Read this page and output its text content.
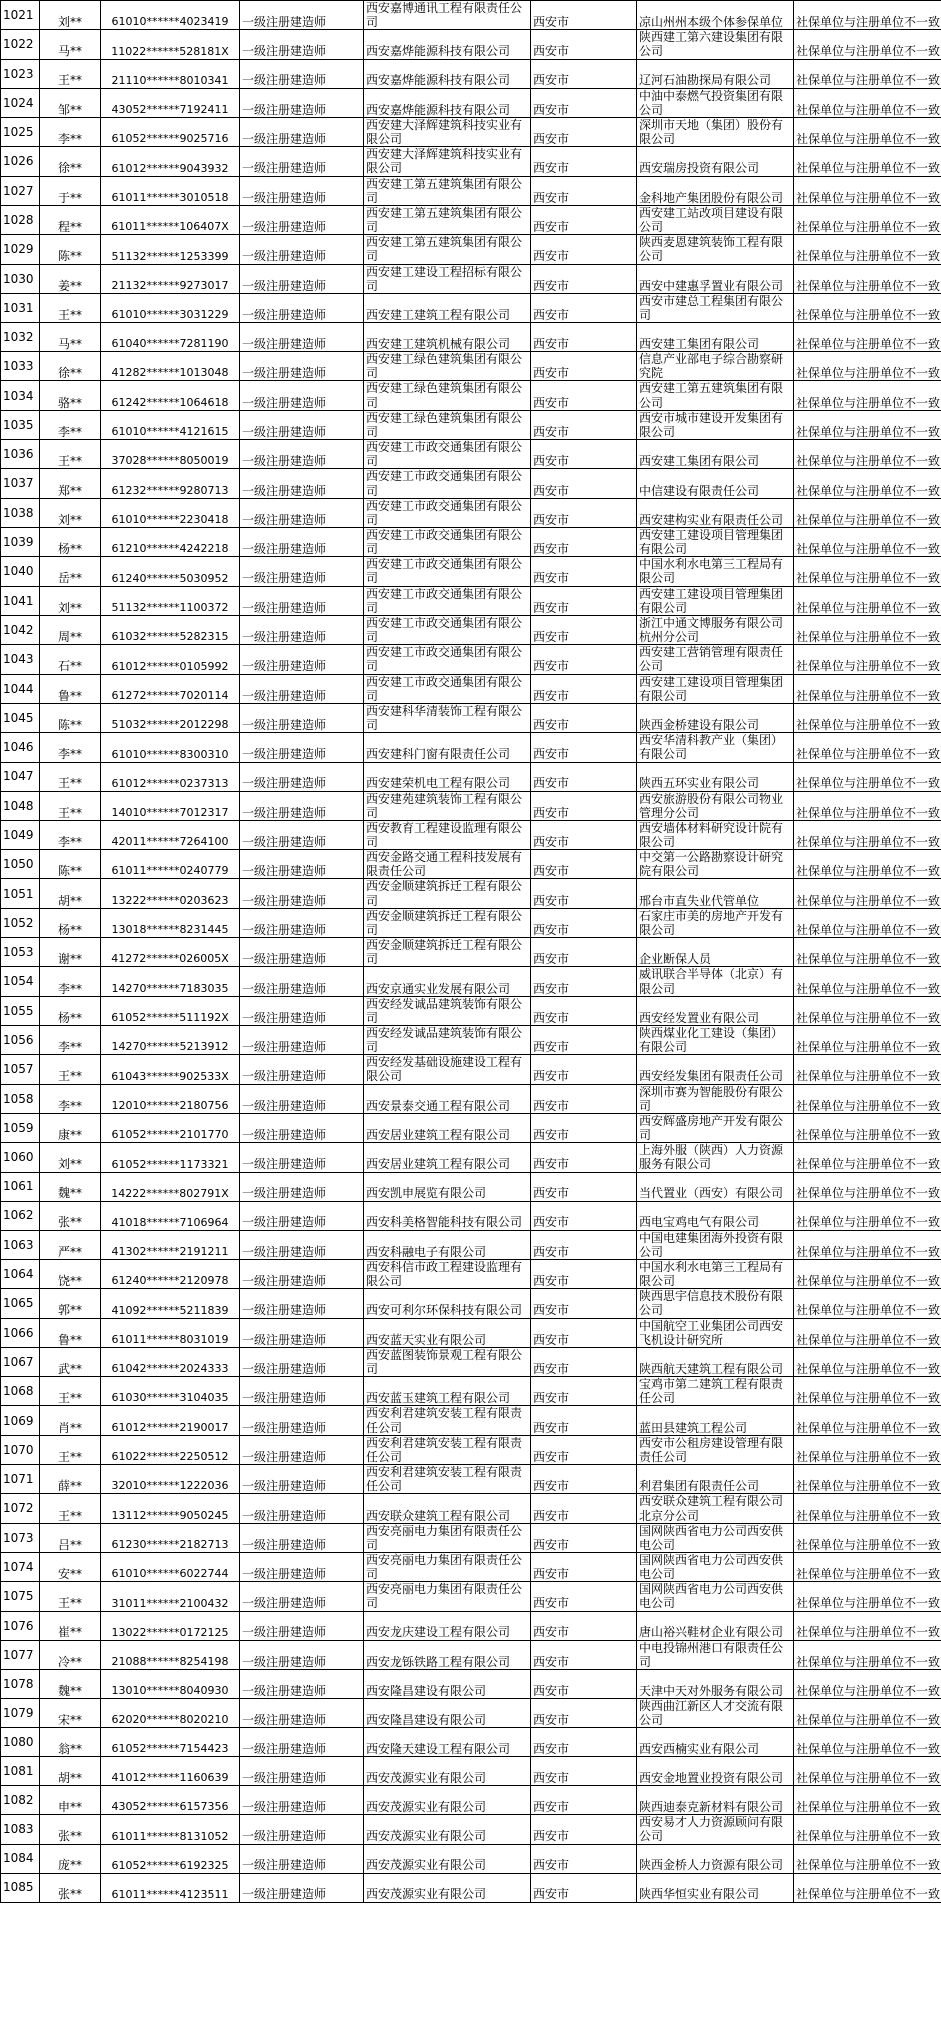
1021	刘**	61010******4023419	一级注册建造师	西安嘉博通讯工程有限责任公司	西安市	凉山州州本级个体参保单位	社保单位与注册单位不一致
1022	马**	11022******528181X	一级注册建造师	西安嘉烨能源科技有限公司	西安市	陕西建工第六建设集团有限公司	社保单位与注册单位不一致
1023	王**	21110******8010341	一级注册建造师	西安嘉烨能源科技有限公司	西安市	辽河石油勘探局有限公司	社保单位与注册单位不一致
1024	邹**	43052******7192411	一级注册建造师	西安嘉烨能源科技有限公司	西安市	中油中泰燃气投资集团有限公司	社保单位与注册单位不一致
1025	李**	61052******9025716	一级注册建造师	西安建大泽辉建筑科技实业有限公司	西安市	深圳市天地（集团）股份有限公司	社保单位与注册单位不一致
1026	徐**	61012******9043932	一级注册建造师	西安建大泽辉建筑科技实业有限公司	西安市	西安瑞房投资有限公司	社保单位与注册单位不一致
1027	于**	61011******3010518	一级注册建造师	西安建工第五建筑集团有限公司	西安市	金科地产集团股份有限公司	社保单位与注册单位不一致
1028	程**	61011******106407X	一级注册建造师	西安建工第五建筑集团有限公司	西安市	西安建工站改项目建设有限公司	社保单位与注册单位不一致
1029	陈**	51132******1253399	一级注册建造师	西安建工第五建筑集团有限公司	西安市	陕西麦恩建筑装饰工程有限公司	社保单位与注册单位不一致
1030	姜**	21132******9273017	一级注册建造师	西安建工建设工程招标有限公司	西安市	西安中建惠孚置业有限公司	社保单位与注册单位不一致
1031	王**	61010******3031229	一级注册建造师	西安建工建筑工程有限公司	西安市	西安市建总工程集团有限公司	社保单位与注册单位不一致
1032	马**	61040******7281190	一级注册建造师	西安建工建筑机械有限公司	西安市	西安建工集团有限公司	社保单位与注册单位不一致
1033	徐**	41282******1013048	一级注册建造师	西安建工绿色建筑集团有限公司	西安市	信息产业部电子综合勘察研究院	社保单位与注册单位不一致
1034	骆**	61242******1064618	一级注册建造师	西安建工绿色建筑集团有限公司	西安市	西安建工第五建筑集团有限公司	社保单位与注册单位不一致
1035	李**	61010******4121615	一级注册建造师	西安建工绿色建筑集团有限公司	西安市	西安市城市建设开发集团有限公司	社保单位与注册单位不一致
1036	王**	37028******8050019	一级注册建造师	西安建工市政交通集团有限公司	西安市	西安建工集团有限公司	社保单位与注册单位不一致
1037	郑**	61232******9280713	一级注册建造师	西安建工市政交通集团有限公司	西安市	中信建设有限责任公司	社保单位与注册单位不一致
1038	刘**	61010******2230418	一级注册建造师	西安建工市政交通集团有限公司	西安市	西安建构实业有限责任公司	社保单位与注册单位不一致
1039	杨**	61210******4242218	一级注册建造师	西安建工市政交通集团有限公司	西安市	西安建工建设项目管理集团有限公司	社保单位与注册单位不一致
1040	岳**	61240******5030952	一级注册建造师	西安建工市政交通集团有限公司	西安市	中国水利水电第三工程局有限公司	社保单位与注册单位不一致
1041	刘**	51132******1100372	一级注册建造师	西安建工市政交通集团有限公司	西安市	西安建工建设项目管理集团有限公司	社保单位与注册单位不一致
1042	周**	61032******5282315	一级注册建造师	西安建工市政交通集团有限公司	西安市	浙江中通文博服务有限公司杭州分公司	社保单位与注册单位不一致
1043	石**	61012******0105992	一级注册建造师	西安建工市政交通集团有限公司	西安市	西安建工营销管理有限责任公司	社保单位与注册单位不一致
1044	鲁**	61272******7020114	一级注册建造师	西安建工市政交通集团有限公司	西安市	西安建工建设项目管理集团有限公司	社保单位与注册单位不一致
1045	陈**	51032******2012298	一级注册建造师	西安建科华清装饰工程有限公司	西安市	陕西金桥建设有限公司	社保单位与注册单位不一致
1046	李**	61010******8300310	一级注册建造师	西安建科门窗有限责任公司	西安市	西安华清科教产业（集团）有限公司	社保单位与注册单位不一致
1047	王**	61012******0237313	一级注册建造师	西安建荣机电工程有限公司	西安市	陕西五环实业有限公司	社保单位与注册单位不一致
1048	王**	14010******7012317	一级注册建造师	西安建苑建筑装饰工程有限公司	西安市	西安旅游股份有限公司物业管理分公司	社保单位与注册单位不一致
1049	李**	42011******7264100	一级注册建造师	西安教育工程建设监理有限公司	西安市	西安墙体材料研究设计院有限公司	社保单位与注册单位不一致
1050	陈**	61011******0240779	一级注册建造师	西安金路交通工程科技发展有限责任公司	西安市	中交第一公路勘察设计研究院有限公司	社保单位与注册单位不一致
1051	胡**	13222******0203623	一级注册建造师	西安金顺建筑拆迁工程有限公司	西安市	邢台市直失业代管单位	社保单位与注册单位不一致
1052	杨**	13018******8231445	一级注册建造师	西安金顺建筑拆迁工程有限公司	西安市	石家庄市美的房地产开发有限公司	社保单位与注册单位不一致
1053	谢**	41272******026005X	一级注册建造师	西安金顺建筑拆迁工程有限公司	西安市	企业断保人员	社保单位与注册单位不一致
1054	李**	14270******7183035	一级注册建造师	西安京通实业发展有限公司	西安市	威讯联合半导体（北京）有限公司	社保单位与注册单位不一致
1055	杨**	61052******511192X	一级注册建造师	西安经发诚品建筑装饰有限公司	西安市	西安经发置业有限公司	社保单位与注册单位不一致
1056	李**	14270******5213912	一级注册建造师	西安经发诚品建筑装饰有限公司	西安市	陕西煤业化工建设（集团）有限公司	社保单位与注册单位不一致
1057	王**	61043******902533X	一级注册建造师	西安经发基础设施建设工程有限公司	西安市	西安经发集团有限责任公司	社保单位与注册单位不一致
1058	李**	12010******2180756	一级注册建造师	西安景泰交通工程有限公司	西安市	深圳市赛为智能股份有限公司	社保单位与注册单位不一致
1059	康**	61052******2101770	一级注册建造师	西安居业建筑工程有限公司	西安市	西安辉盛房地产开发有限公司	社保单位与注册单位不一致
1060	刘**	61052******1173321	一级注册建造师	西安居业建筑工程有限公司	西安市	上海外服（陕西）人力资源服务有限公司	社保单位与注册单位不一致
1061	魏**	14222******802791X	一级注册建造师	西安凯申展览有限公司	西安市	当代置业（西安）有限公司	社保单位与注册单位不一致
1062	张**	41018******7106964	一级注册建造师	西安科美格智能科技有限公司	西安市	西电宝鸡电气有限公司	社保单位与注册单位不一致
1063	严**	41302******2191211	一级注册建造师	西安科融电子有限公司	西安市	中国电建集团海外投资有限公司	社保单位与注册单位不一致
1064	饶**	61240******2120978	一级注册建造师	西安科信市政工程建设监理有限公司	西安市	中国水利水电第三工程局有限公司	社保单位与注册单位不一致
1065	郭**	41092******5211839	一级注册建造师	西安可利尔环保科技有限公司	西安市	陕西思宇信息技术股份有限公司	社保单位与注册单位不一致
1066	鲁**	61011******8031019	一级注册建造师	西安蓝天实业有限公司	西安市	中国航空工业集团公司西安飞机设计研究所	社保单位与注册单位不一致
1067	武**	61042******2024333	一级注册建造师	西安蓝图装饰景观工程有限公司	西安市	陕西航天建筑工程有限公司	社保单位与注册单位不一致
1068	王**	61030******3104035	一级注册建造师	西安蓝玉建筑工程有限公司	西安市	宝鸡市第二建筑工程有限责任公司	社保单位与注册单位不一致
1069	肖**	61012******2190017	一级注册建造师	西安利君建筑安装工程有限责任公司	西安市	蓝田县建筑工程公司	社保单位与注册单位不一致
1070	王**	61022******2250512	一级注册建造师	西安利君建筑安装工程有限责任公司	西安市	西安市公租房建设管理有限责任公司	社保单位与注册单位不一致
1071	薛**	32010******1222036	一级注册建造师	西安利君建筑安装工程有限责任公司	西安市	利君集团有限责任公司	社保单位与注册单位不一致
1072	王**	13112******9050245	一级注册建造师	西安联众建筑工程有限公司	西安市	西安联众建筑工程有限公司北京分公司	社保单位与注册单位不一致
1073	吕**	61230******2182713	一级注册建造师	西安亮丽电力集团有限责任公司	西安市	国网陕西省电力公司西安供电公司	社保单位与注册单位不一致
1074	安**	61010******6022744	一级注册建造师	西安亮丽电力集团有限责任公司	西安市	国网陕西省电力公司西安供电公司	社保单位与注册单位不一致
1075	王**	31011******2100432	一级注册建造师	西安亮丽电力集团有限责任公司	西安市	国网陕西省电力公司西安供电公司	社保单位与注册单位不一致
1076	崔**	13022******0172125	一级注册建造师	西安龙庆建设工程有限公司	西安市	唐山裕兴鞋材企业有限公司	社保单位与注册单位不一致
1077	冷**	21088******8254198	一级注册建造师	西安龙铄铁路工程有限公司	西安市	中电投锦州港口有限责任公司	社保单位与注册单位不一致
1078	魏**	13010******8040930	一级注册建造师	西安隆昌建设有限公司	西安市	天津中天对外服务有限公司	社保单位与注册单位不一致
1079	宋**	62020******8020210	一级注册建造师	西安隆昌建设有限公司	西安市	陕西曲江新区人才交流有限公司	社保单位与注册单位不一致
1080	翁**	61052******7154423	一级注册建造师	西安隆天建设工程有限公司	西安市	西安西楠实业有限公司	社保单位与注册单位不一致
1081	胡**	41012******1160639	一级注册建造师	西安茂源实业有限公司	西安市	西安金地置业投资有限公司	社保单位与注册单位不一致
1082	申**	43052******6157356	一级注册建造师	西安茂源实业有限公司	西安市	陕西迪泰克新材料有限公司	社保单位与注册单位不一致
1083	张**	61011******8131052	一级注册建造师	西安茂源实业有限公司	西安市	西安易才人力资源顾问有限公司	社保单位与注册单位不一致
1084	庞**	61052******6192325	一级注册建造师	西安茂源实业有限公司	西安市	陕西金桥人力资源有限公司	社保单位与注册单位不一致
1085	张**	61011******4123511	一级注册建造师	西安茂源实业有限公司	西安市	陕西华恒实业有限公司	社保单位与注册单位不一致
